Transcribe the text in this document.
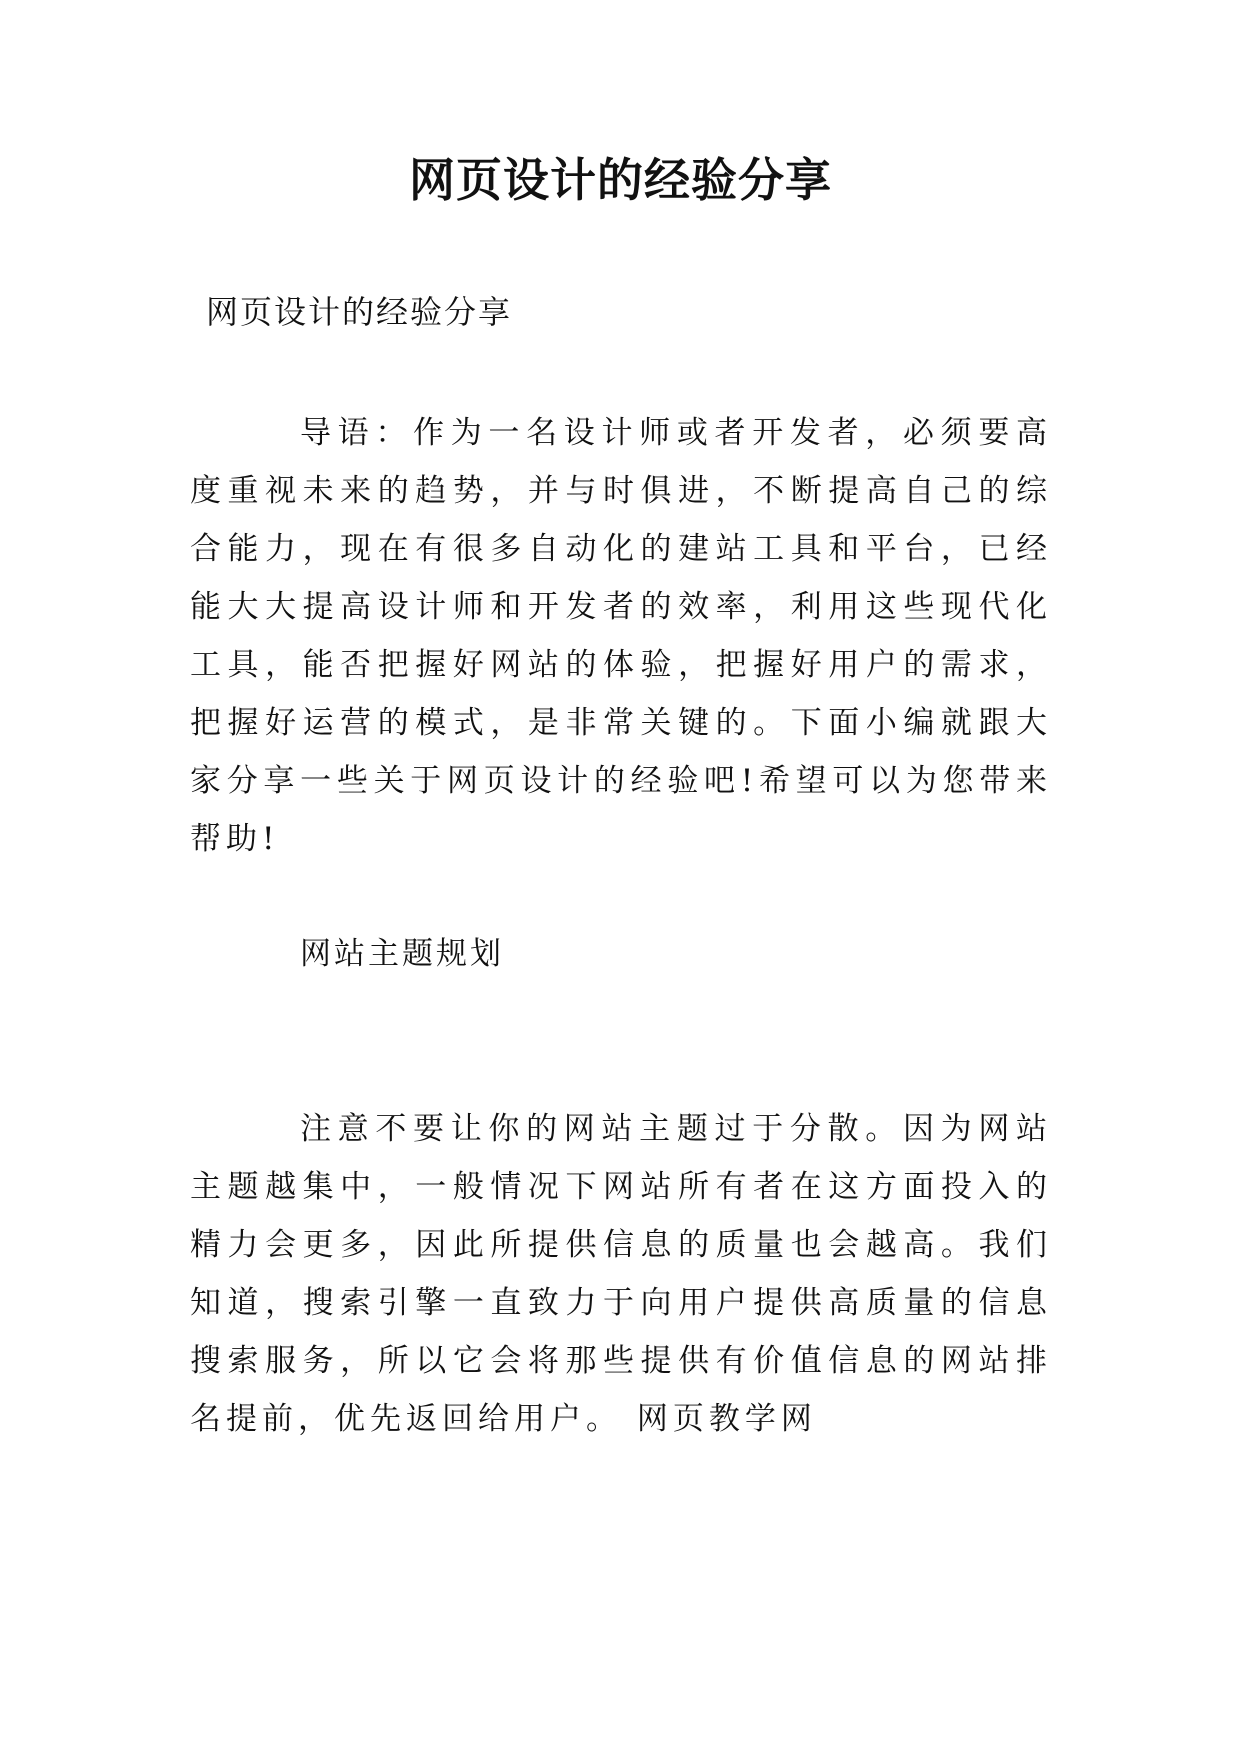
网页设计的经验分享
网页设计的经验分享

导语：作为一名设计师或者开发者，必须要高度重视未来的趋势，并与时俱进，不断提高自己的综合能力，现在有很多自动化的建站工具和平台，已经能大大提高设计师和开发者的效率，利用这些现代化工具，能否把握好网站的体验，把握好用户的需求，把握好运营的模式，是非常关键的。下面小编就跟大家分享一些关于网页设计的经验吧!希望可以为您带来帮助!

网站主题规划

注意不要让你的网站主题过于分散。因为网站主题越集中，一般情况下网站所有者在这方面投入的精力会更多，因此所提供信息的质量也会越高。我们知道，搜索引擎一直致力于向用户提供高质量的信息搜索服务，所以它会将那些提供有价值信息的网站排名提前，优先返回给用户。 网页教学网
